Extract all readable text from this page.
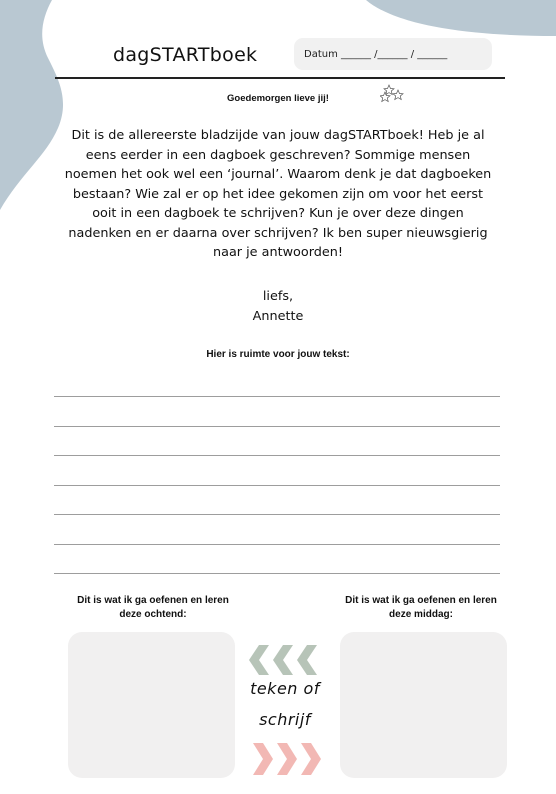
dagSTARTboek	Datum ______ /______ / ______
Goedemorgen lieve jij!
Dit is de allereerste bladzijde van jouw dagSTARTboek! Heb je al eens eerder in een dagboek geschreven? Sommige mensen noemen het ook wel een ‘journal’. Waarom denk je dat dagboeken bestaan? Wie zal er op het idee gekomen zijn om voor het eerst ooit in een dagboek te schrijven? Kun je over deze dingen nadenken en er daarna over schrijven? Ik ben super nieuwsgierig naar je antwoorden!
liefs,
Annette
Hier is ruimte voor jouw tekst:
Dit is wat ik ga oefenen en leren deze ochtend:
Dit is wat ik ga oefenen en leren deze middag:
teken of
schrijf
